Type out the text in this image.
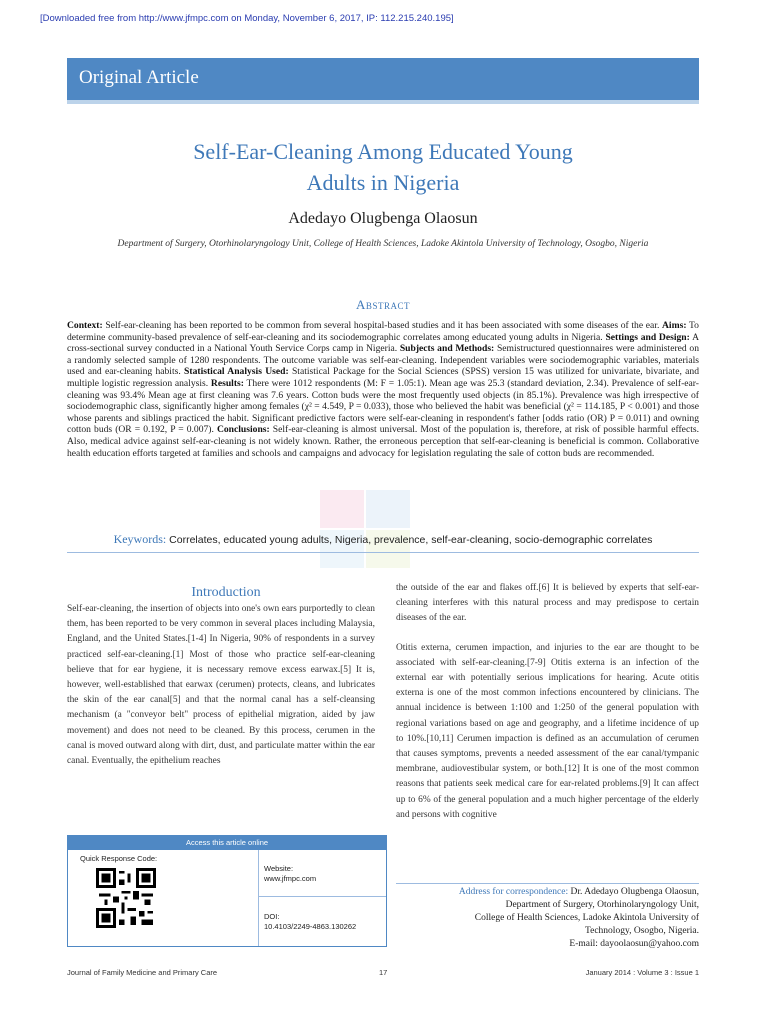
[Downloaded free from http://www.jfmpc.com on Monday, November 6, 2017, IP: 112.215.240.195]
Original Article
Self-Ear-Cleaning Among Educated Young
Adults in Nigeria
Adedayo Olugbenga Olaosun
Department of Surgery, Otorhinolaryngology Unit, College of Health Sciences, Ladoke Akintola University of Technology, Osogbo, Nigeria
Abstract
Context: Self-ear-cleaning has been reported to be common from several hospital-based studies and it has been associated with some diseases of the ear. Aims: To determine community-based prevalence of self-ear-cleaning and its sociodemographic correlates among educated young adults in Nigeria. Settings and Design: A cross-sectional survey conducted in a National Youth Service Corps camp in Nigeria. Subjects and Methods: Semistructured questionnaires were administered on a randomly selected sample of 1280 respondents. The outcome variable was self-ear-cleaning. Independent variables were sociodemographic variables, materials used and ear-cleaning habits. Statistical Analysis Used: Statistical Package for the Social Sciences (SPSS) version 15 was utilized for univariate, bivariate, and multiple logistic regression analysis. Results: There were 1012 respondents (M: F = 1.05:1). Mean age was 25.3 (standard deviation, 2.34). Prevalence of self-ear-cleaning was 93.4% Mean age at first cleaning was 7.6 years. Cotton buds were the most frequently used objects (in 85.1%). Prevalence was high irrespective of sociodemographic class, significantly higher among females (χ² = 4.549, P = 0.033), those who believed the habit was beneficial (χ² = 114.185, P < 0.001) and those whose parents and siblings practiced the habit. Significant predictive factors were self-ear-cleaning in respondent's father [odds ratio (OR) P = 0.011) and owning cotton buds (OR = 0.192, P = 0.007). Conclusions: Self-ear-cleaning is almost universal. Most of the population is, therefore, at risk of possible harmful effects. Also, medical advice against self-ear-cleaning is not widely known. Rather, the erroneous perception that self-ear-cleaning is beneficial is common. Collaborative health education efforts targeted at families and schools and campaigns and advocacy for legislation regulating the sale of cotton buds are recommended.
Keywords: Correlates, educated young adults, Nigeria, prevalence, self-ear-cleaning, socio-demographic correlates
Introduction

Self-ear-cleaning, the insertion of objects into one's own ears purportedly to clean them, has been reported to be very common in several places including Malaysia, England, and the United States.[1-4] In Nigeria, 90% of respondents in a survey practiced self-ear-cleaning.[1] Most of those who practice self-ear-cleaning believe that for ear hygiene, it is necessary remove excess earwax.[5] It is, however, well-established that earwax (cerumen) protects, cleans, and lubricates the skin of the ear canal[5] and that the normal canal has a self-cleansing mechanism (a "conveyor belt" process of epithelial migration, aided by jaw movement) and does not need to be cleaned. By this process, cerumen in the canal is moved outward along with dirt, dust, and particulate matter within the ear canal. Eventually, the epithelium reaches

the outside of the ear and flakes off.[6] It is believed by experts that self-ear-cleaning interferes with this natural process and may predispose to certain diseases of the ear.

Otitis externa, cerumen impaction, and injuries to the ear are thought to be associated with self-ear-cleaning.[7-9] Otitis externa is an infection of the external ear with potentially serious implications for hearing. Acute otitis externa is one of the most common infections encountered by clinicians. The annual incidence is between 1:100 and 1:250 of the general population with regional variations based on age and geography, and a lifetime incidence of up to 10%.[10,11] Cerumen impaction is defined as an accumulation of cerumen that causes symptoms, prevents a needed assessment of the ear canal/tympanic membrane, audiovestibular system, or both.[12] It is one of the most common reasons that patients seek medical care for ear-related problems.[9] It can affect up to 6% of the general population and a much higher percentage of the elderly and persons with cognitive

Access this article online
Quick Response Code:
Website:
www.jfmpc.com
DOI:
10.4103/2249-4863.130262
Address for correspondence: Dr. Adedayo Olugbenga Olaosun,
Department of Surgery, Otorhinolaryngology Unit,
College of Health Sciences, Ladoke Akintola University of
Technology, Osogbo, Nigeria.
E-mail: dayoolaosun@yahoo.com
Journal of Family Medicine and Primary Care	17	January 2014 : Volume 3 : Issue 1
